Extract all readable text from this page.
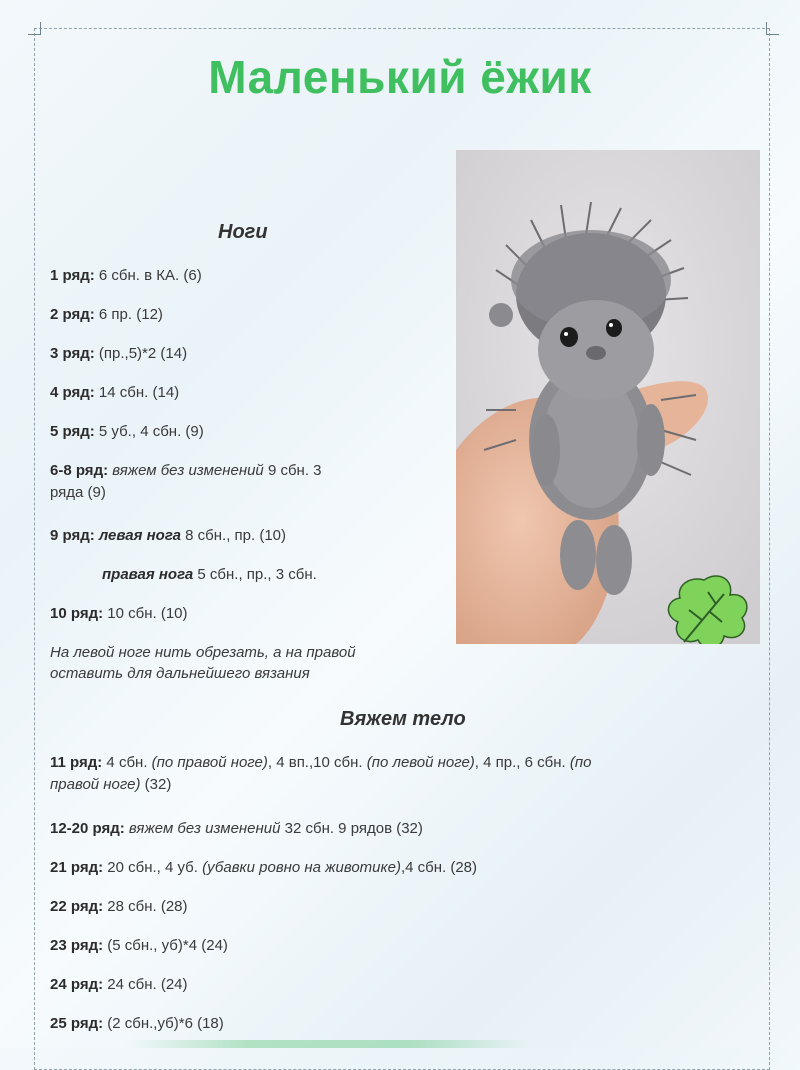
Маленький ёжик
Ноги
1 ряд: 6 сбн. в КА. (6)
2 ряд: 6 пр. (12)
3 ряд: (пр.,5)*2 (14)
4 ряд: 14 сбн. (14)
5 ряд: 5 уб., 4 сбн. (9)
6-8 ряд: вяжем без изменений 9 сбн. 3
ряда (9)
9 ряд: левая нога 8 сбн., пр. (10)
правая нога 5 сбн., пр., 3 сбн.
10 ряд: 10 сбн. (10)
На левой ноге нить обрезать, а на правой
оставить для дальнейшего вязания
Вяжем тело
11 ряд: 4 сбн. (по правой ноге), 4 вп.,10 сбн. (по левой ноге), 4 пр., 6 сбн. (по
правой ноге) (32)
12-20 ряд: вяжем без изменений 32 сбн. 9 рядов (32)
21 ряд: 20 сбн., 4 уб. (убавки ровно на животике),4 сбн. (28)
22 ряд: 28 сбн. (28)
23 ряд: (5 сбн., уб)*4 (24)
24 ряд: 24 сбн. (24)
25 ряд: (2 сбн.,уб)*6 (18)
